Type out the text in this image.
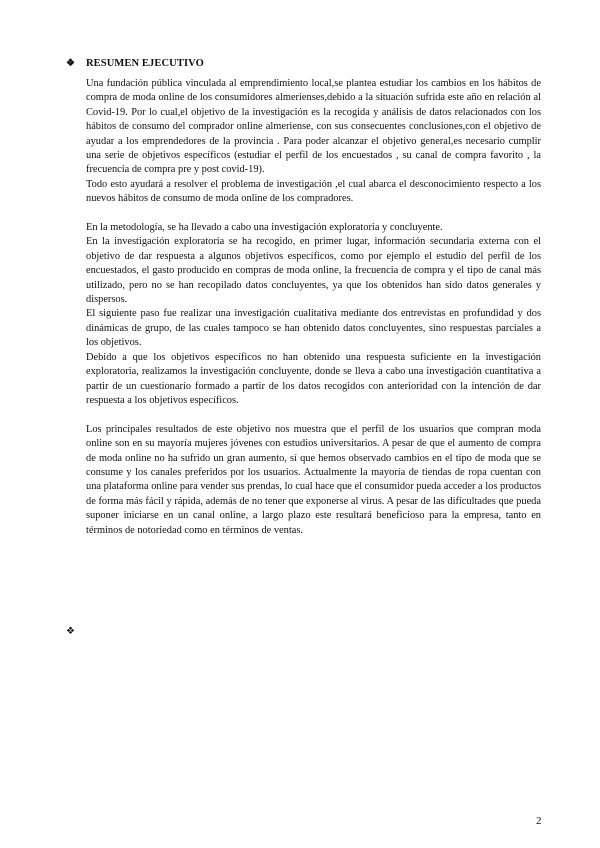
❖ RESUMEN EJECUTIVO

Una fundación pública vinculada al emprendimiento local,se plantea estudiar los cambios en los hábitos de compra de moda online de los consumidores almerienses,debido a la situación sufrida este año en relación al Covid-19. Por lo cual,el objetivo de la investigación es la recogida y análisis de datos relacionados con los hábitos de consumo del comprador online almeriense, con sus consecuentes conclusiones,con el objetivo de ayudar a los emprendedores de la provincia . Para poder alcanzar el objetivo general,es necesario cumplir una serie de objetivos específicos (estudiar el perfil de los encuestados , su canal de compra favorito , la frecuencia de compra pre y post covid-19).

Todo esto ayudará a resolver el problema de investigación ,el cual abarca el desconocimiento respecto a los nuevos hábitos de consumo de moda online de los compradores.

En la metodología, se ha llevado a cabo una investigación exploratoria y concluyente.

En la investigación exploratoria se ha recogido, en primer lugar, información secundaria externa con el objetivo de dar respuesta a algunos objetivos específicos, como por ejemplo el estudio del perfil de los encuestados, el gasto producido en compras de moda online, la frecuencia de compra y el tipo de canal más utilizado, pero no se han recopilado datos concluyentes, ya que los obtenidos han sido datos generales y dispersos.

El siguiente paso fue realizar una investigación cualitativa mediante dos entrevistas en profundidad y dos dinámicas de grupo, de las cuales tampoco se han obtenido datos concluyentes, sino respuestas parciales a los objetivos.

Debido a que los objetivos específicos no han obtenido una respuesta suficiente en la investigación exploratoria, realizamos la investigación concluyente, donde se lleva a cabo una investigación cuantitativa a partir de un cuestionario formado a partir de los datos recogidos con anterioridad con la intención de dar respuesta a los objetivos específicos.

Los principales resultados de este objetivo nos muestra que el perfil de los usuarios que compran moda online son en su mayoría mujeres jóvenes con estudios universitarios. A pesar de que el aumento de compra de moda online no ha sufrido un gran aumento, sí que hemos observado cambios en el tipo de moda que se consume y los canales preferidos por los usuarios. Actualmente la mayoría de tiendas de ropa cuentan con una plataforma online para vender sus prendas, lo cual hace que el consumidor pueda acceder a los productos de forma más fácil y rápida, además de no tener que exponerse al virus. A pesar de las dificultades que pueda suponer iniciarse en un canal online, a largo plazo este resultará beneficioso para la empresa, tanto en términos de notoriedad como en términos de ventas.

❖
2
